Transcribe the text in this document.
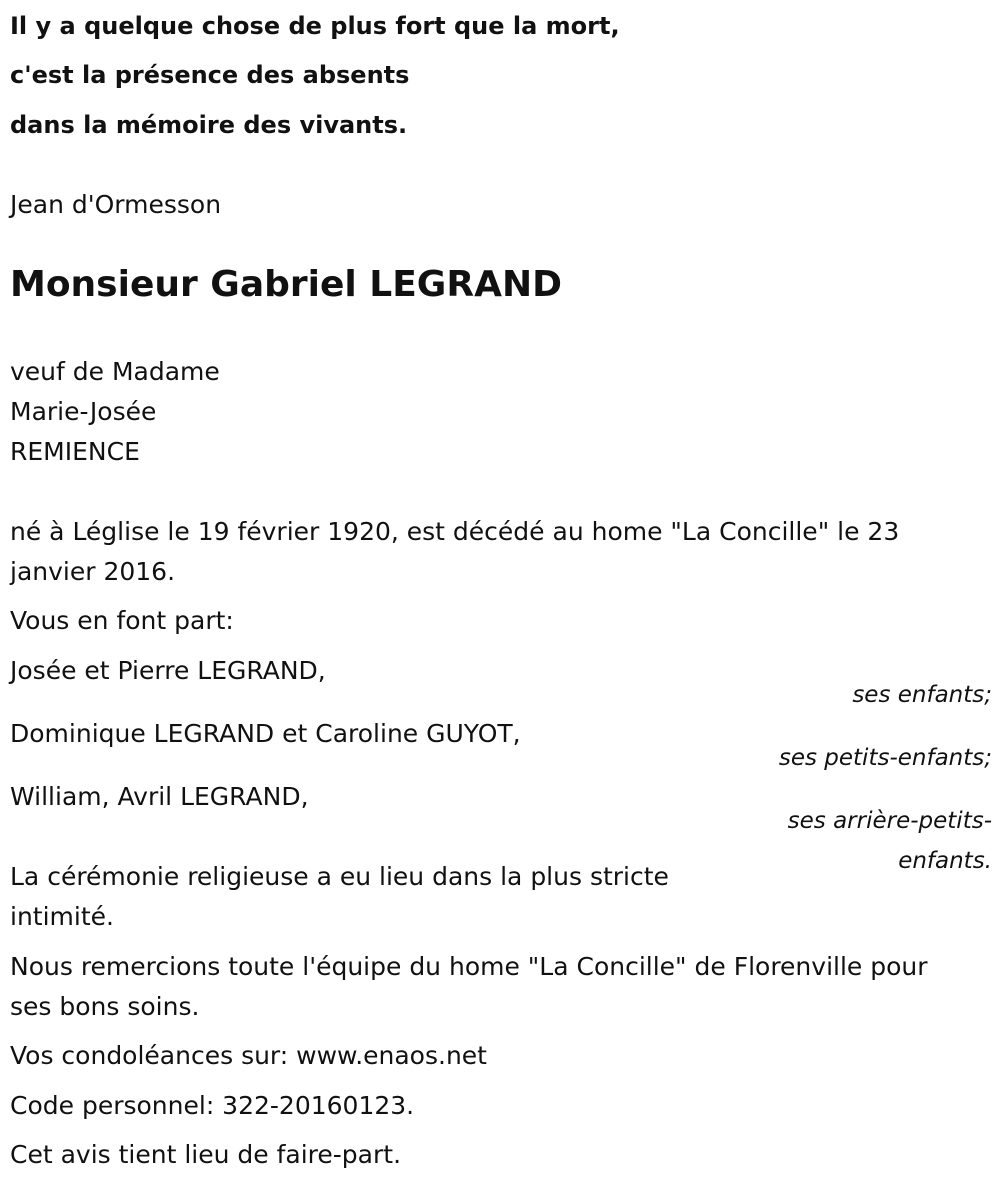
Il y a quelque chose de plus fort que la mort,
c'est la présence des absents
dans la mémoire des vivants.
Jean d'Ormesson
Monsieur Gabriel LEGRAND
veuf de Madame
Marie-Josée
REMIENCE
né à Léglise le 19 février 1920, est décédé au home "La Concille" le 23
janvier 2016.
Vous en font part:
Josée et Pierre LEGRAND,
ses enfants;
Dominique LEGRAND et Caroline GUYOT,
ses petits-enfants;
William, Avril LEGRAND,
ses arrière-petits-
enfants.
La cérémonie religieuse a eu lieu dans la plus stricte
intimité.
Nous remercions toute l'équipe du home "La Concille" de Florenville pour
ses bons soins.
Vos condoléances sur: www.enaos.net
Code personnel: 322-20160123.
Cet avis tient lieu de faire-part.
